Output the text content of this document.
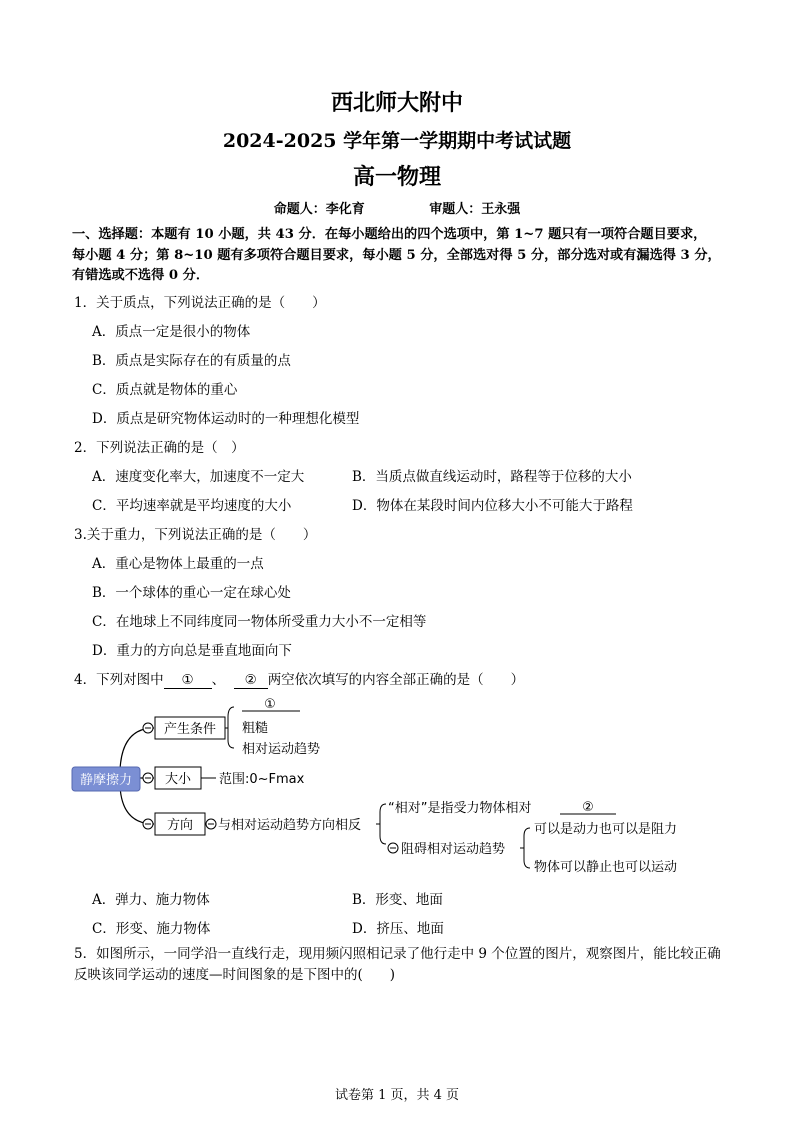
西北师大附中
2024-2025 学年第一学期期中考试试题
高一物理
命题人：李化育	审题人：王永强
一、选择题：本题有 10 小题，共 43 分．在每小题给出的四个选项中，第 1~7 题只有一项符合题目要求，
每小题 4 分；第 8~10 题有多项符合题目要求，每小题 5 分，全部选对得 5 分，部分选对或有漏选得 3 分，
有错选或不选得 0 分．
1．关于质点，下列说法正确的是（　　）
A．质点一定是很小的物体
B．质点是实际存在的有质量的点
C．质点就是物体的重心
D．质点是研究物体运动时的一种理想化模型
2．下列说法正确的是（　）
A．速度变化率大，加速度不一定大	B．当质点做直线运动时，路程等于位移的大小
C．平均速率就是平均速度的大小	D．物体在某段时间内位移大小不可能大于路程
3.关于重力，下列说法正确的是（　　）
A．重心是物体上最重的一点
B．一个球体的重心一定在球心处
C．在地球上不同纬度同一物体所受重力大小不一定相等
D．重力的方向总是垂直地面向下
4．下列对图中 ① 、 ② 两空依次填写的内容全部正确的是（　　）
静摩擦力
产生条件
①
粗糙
相对运动趋势
大小 范围:0~Fmax
方向 与相对运动趋势方向相反
“相对”是指受力物体相对	②
阻碍相对运动趋势
可以是动力也可以是阻力
物体可以静止也可以运动
A．弹力、施力物体	B．形变、地面
C．形变、施力物体	D．挤压、地面
5．如图所示，一同学沿一直线行走，现用频闪照相记录了他行走中 9 个位置的图片，观察图片，能比较正确反映该同学运动的速度—时间图象的是下图中的(　　)
试卷第 1 页，共 4 页
